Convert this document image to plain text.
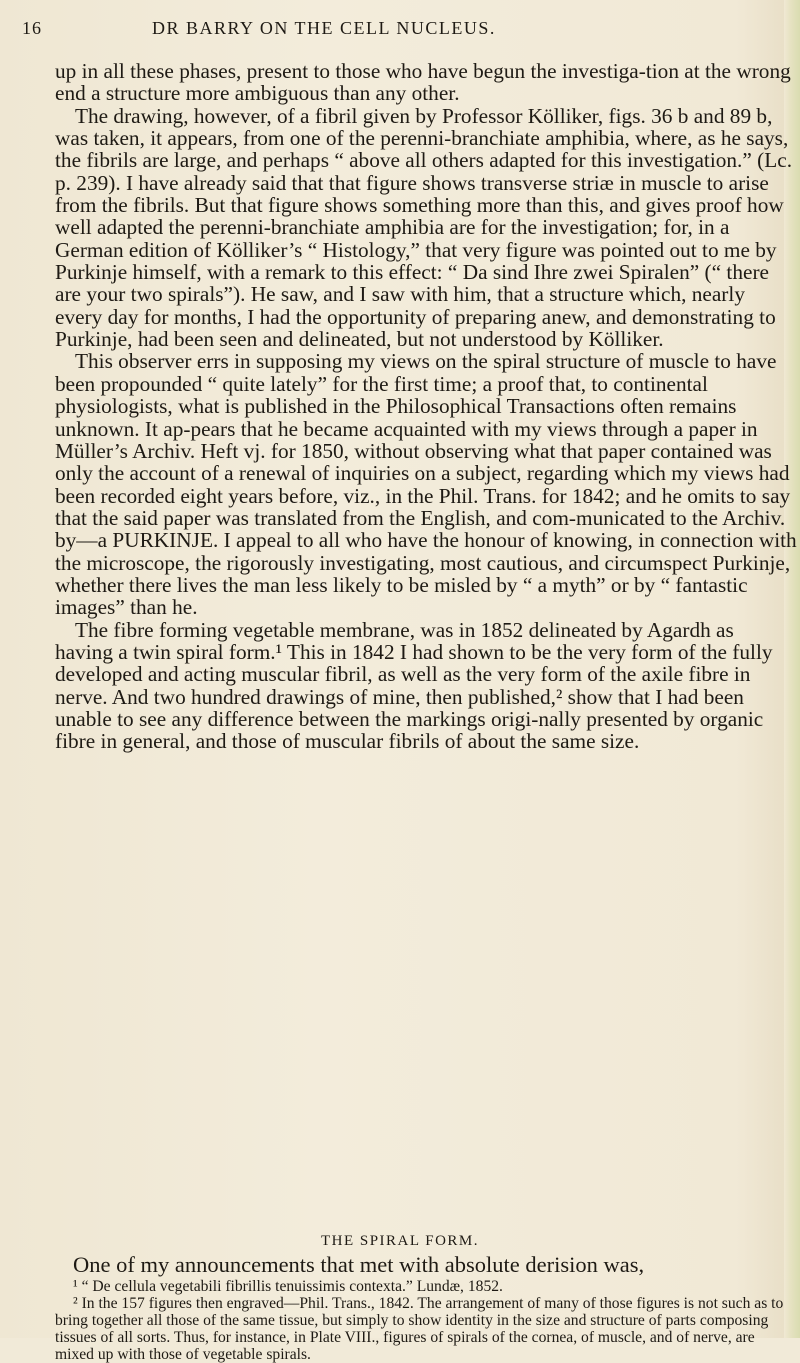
16	DR BARRY ON THE CELL NUCLEUS.

up in all these phases, present to those who have begun the investiga-tion at the wrong end a structure more ambiguous than any other.

The drawing, however, of a fibril given by Professor Kölliker, figs. 36 b and 89 b, was taken, it appears, from one of the perenni-branchiate amphibia, where, as he says, the fibrils are large, and perhaps “ above all others adapted for this investigation.” (Lc. p. 239). I have already said that that figure shows transverse striæ in muscle to arise from the fibrils. But that figure shows something more than this, and gives proof how well adapted the perenni-branchiate amphibia are for the investigation; for, in a German edition of Kölliker’s “ Histology,” that very figure was pointed out to me by Purkinje himself, with a remark to this effect: “ Da sind Ihre zwei Spiralen” (“ there are your two spirals”). He saw, and I saw with him, that a structure which, nearly every day for months, I had the opportunity of preparing anew, and demonstrating to Purkinje, had been seen and delineated, but not understood by Kölliker.

This observer errs in supposing my views on the spiral structure of muscle to have been propounded “ quite lately” for the first time; a proof that, to continental physiologists, what is published in the Philosophical Transactions often remains unknown. It ap-pears that he became acquainted with my views through a paper in Müller’s Archiv. Heft vj. for 1850, without observing what that paper contained was only the account of a renewal of inquiries on a subject, regarding which my views had been recorded eight years before, viz., in the Phil. Trans. for 1842; and he omits to say that the said paper was translated from the English, and com-municated to the Archiv. by—a PURKINJE. I appeal to all who have the honour of knowing, in connection with the microscope, the rigorously investigating, most cautious, and circumspect Purkinje, whether there lives the man less likely to be misled by “ a myth” or by “ fantastic images” than he.

The fibre forming vegetable membrane, was in 1852 delineated by Agardh as having a twin spiral form.¹ This in 1842 I had shown to be the very form of the fully developed and acting muscular fibril, as well as the very form of the axile fibre in nerve. And two hundred drawings of mine, then published,² show that I had been unable to see any difference between the markings origi-nally presented by organic fibre in general, and those of muscular fibrils of about the same size.

THE SPIRAL FORM.
One of my announcements that met with absolute derision was,

¹ “ De cellula vegetabili fibrillis tenuissimis contexta.” Lundæ, 1852.

² In the 157 figures then engraved—Phil. Trans., 1842. The arrangement of many of those figures is not such as to bring together all those of the same tissue, but simply to show identity in the size and structure of parts composing tissues of all sorts. Thus, for instance, in Plate VIII., figures of spirals of the cornea, of muscle, and of nerve, are mixed up with those of vegetable spirals.
